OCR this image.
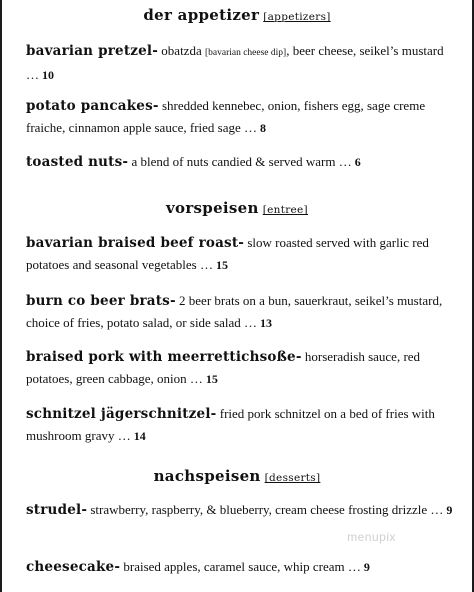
der appetizer [appetizers]
bavarian pretzel- obatzda [bavarian cheese dip], beer cheese, seikel’s mustard … 10
potato pancakes- shredded kennebec, onion, fishers egg, sage creme fraiche, cinnamon apple sauce, fried sage … 8
toasted nuts- a blend of nuts candied & served warm … 6
vorspeisen [entree]
bavarian braised beef roast- slow roasted served with garlic red potatoes and seasonal vegetables … 15
burn co beer brats- 2 beer brats on a bun, sauerkraut, seikel’s mustard, choice of fries, potato salad, or side salad … 13
braised pork with meerrettichsoße- horseradish sauce, red potatoes, green cabbage, onion … 15
schnitzel jägerschnitzel- fried pork schnitzel on a bed of fries with mushroom gravy … 14
nachspeisen [desserts]
strudel- strawberry, raspberry, & blueberry, cream cheese frosting drizzle … 9
cheesecake- braised apples, caramel sauce, whip cream … 9
menupix
